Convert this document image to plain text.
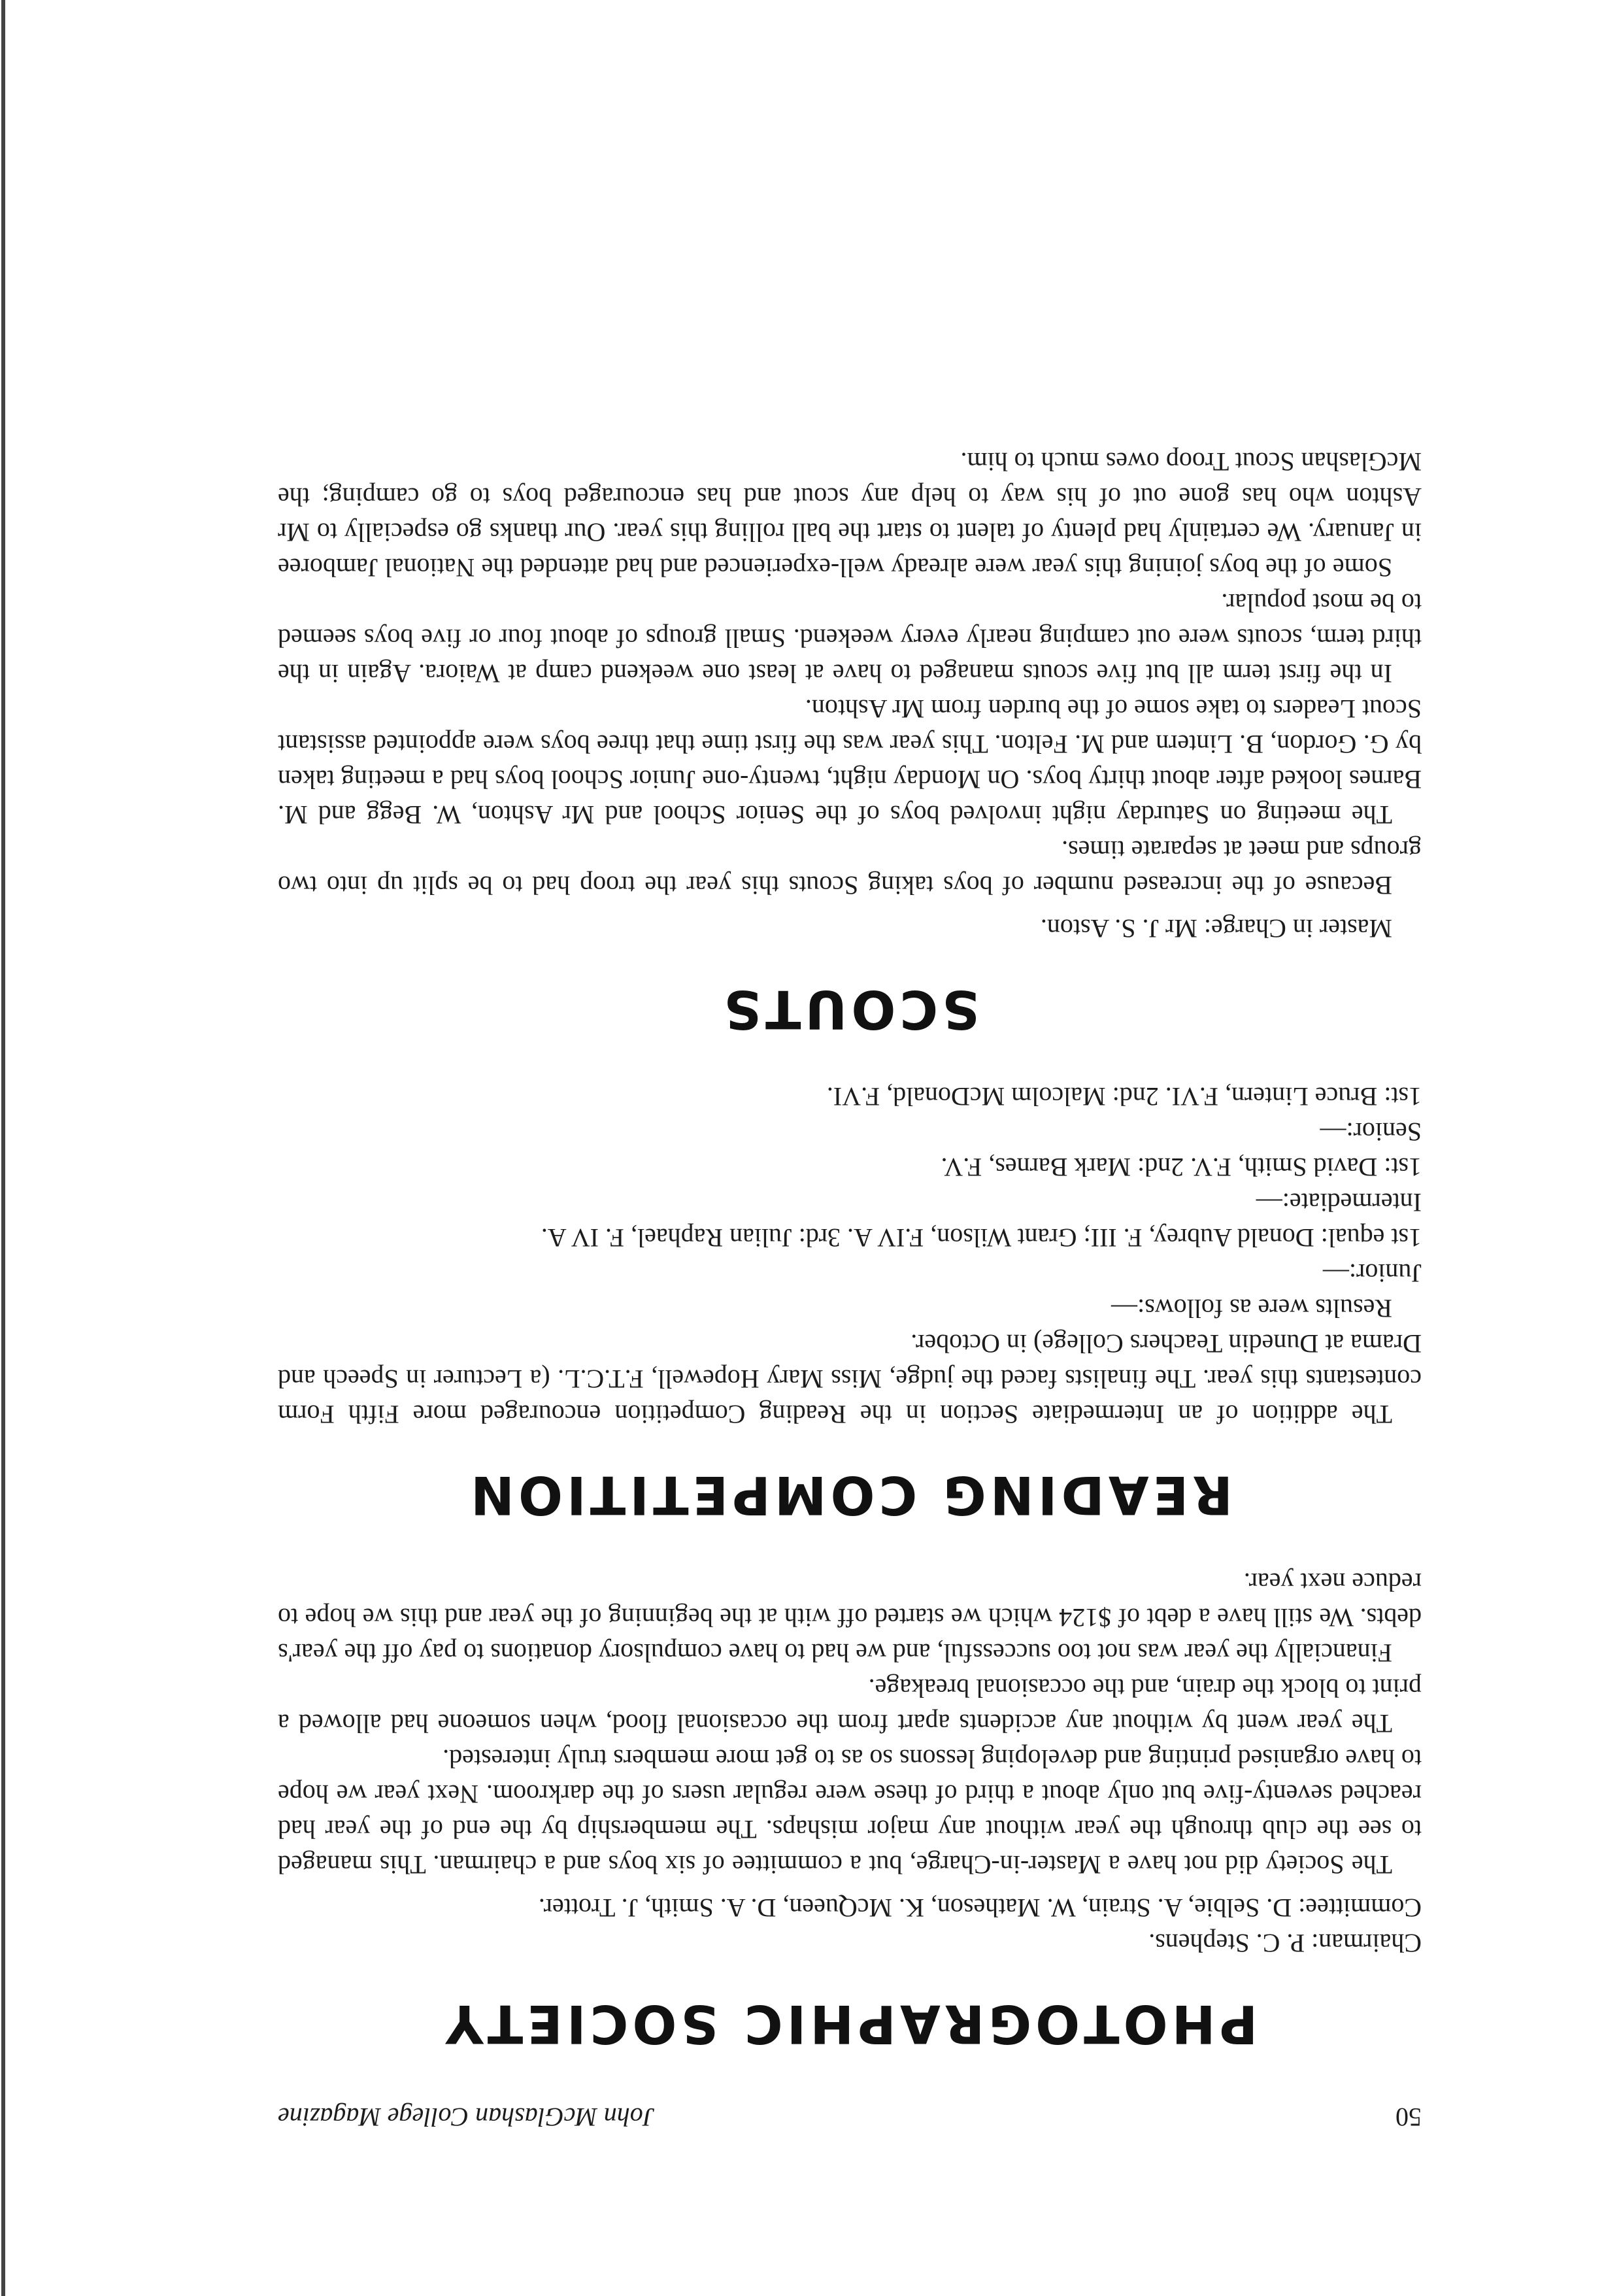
50
John McGlashan College Magazine
PHOTOGRAPHIC SOCIETY

Chairman: P. C. Stephens.

Committee: D. Selbie, A. Strain, W. Matheson, K. McQueen, D. A. Smith, J. Trotter.

The Society did not have a Master-in-Charge, but a committee of six boys and a chairman. This managed to see the club through the year without any major mishaps. The membership by the end of the year had reached seventy-five but only about a third of these were regular users of the darkroom. Next year we hope to have organised printing and developing lessons so as to get more members truly interested.

The year went by without any accidents apart from the occasional flood, when someone had allowed a print to block the drain, and the occasional breakage.

Financially the year was not too successful, and we had to have compulsory donations to pay off the year's debts. We still have a debt of $124 which we started off with at the beginning of the year and this we hope to reduce next year.

READING COMPETITION

The addition of an Intermediate Section in the Reading Competition encouraged more Fifth Form contestants this year. The finalists faced the judge, Miss Mary Hopewell, F.T.C.L. (a Lecturer in Speech and Drama at Dunedin Teachers College) in October.

Results were as follows:—

Junior:—

1st equal: Donald Aubrey, F. III; Grant Wilson, F.IV A. 3rd: Julian Raphael, F. IV A.

Intermediate:—

1st: David Smith, F.V. 2nd: Mark Barnes, F.V.

Senior:—

1st: Bruce Lintern, F.VI. 2nd: Malcolm McDonald, F.VI.

SCOUTS

Master in Charge: Mr J. S. Aston.

Because of the increased number of boys taking Scouts this year the troop had to be split up into two groups and meet at separate times.

The meeting on Saturday night involved boys of the Senior School and Mr Ashton, W. Begg and M. Barnes looked after about thirty boys. On Monday night, twenty-one Junior School boys had a meeting taken by G. Gordon, B. Lintern and M. Felton. This year was the first time that three boys were appointed assistant Scout Leaders to take some of the burden from Mr Ashton.

In the first term all but five scouts managed to have at least one weekend camp at Waiora. Again in the third term, scouts were out camping nearly every weekend. Small groups of about four or five boys seemed to be most popular.

Some of the boys joining this year were already well-experienced and had attended the National Jamboree in January. We certainly had plenty of talent to start the ball rolling this year. Our thanks go especially to Mr Ashton who has gone out of his way to help any scout and has encouraged boys to go camping; the McGlashan Scout Troop owes much to him.
